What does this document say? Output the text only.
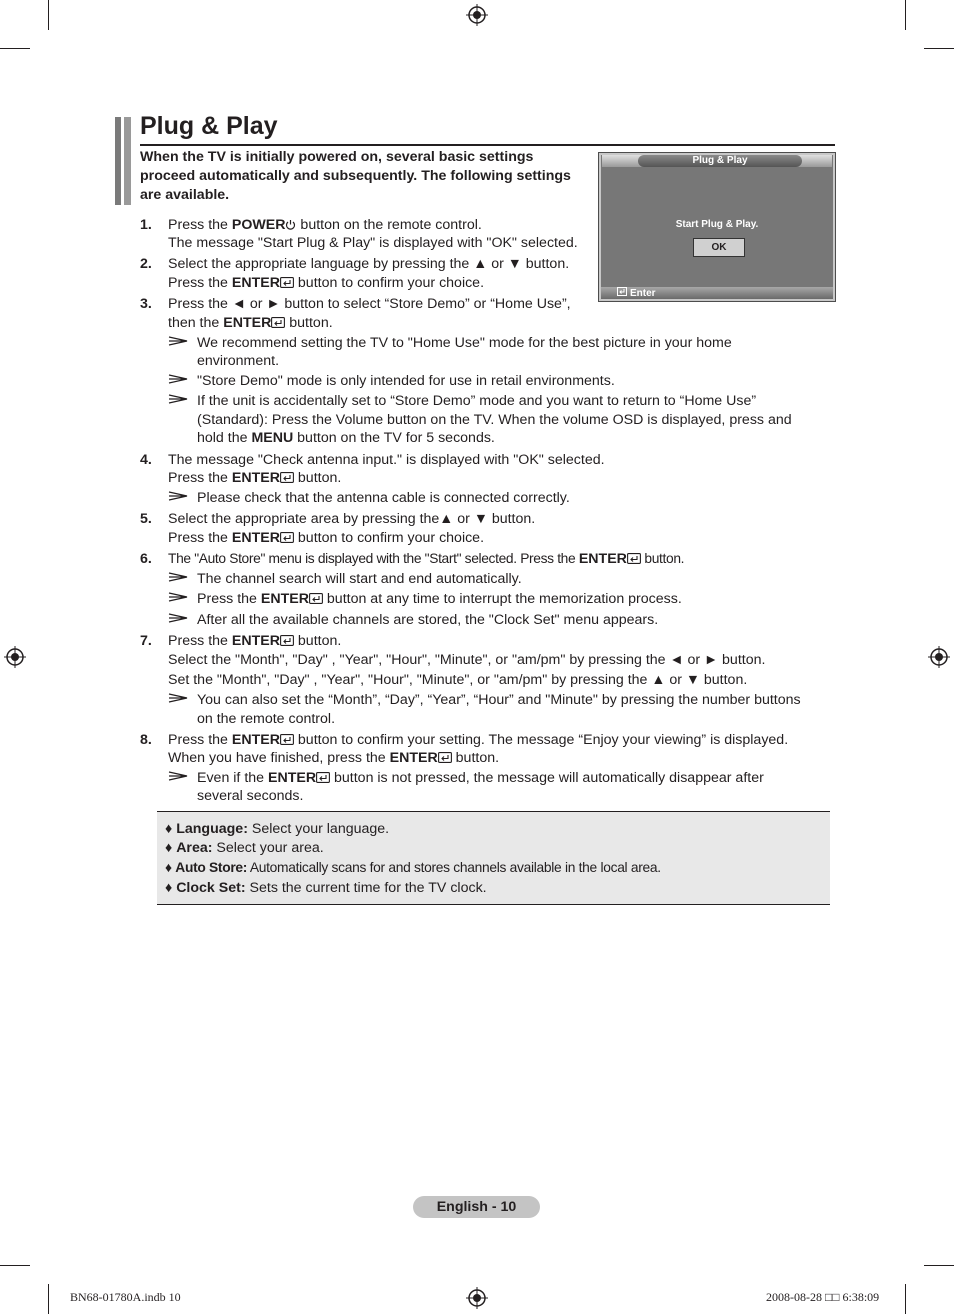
Plug & Play
When the TV is initially powered on, several basic settings proceed automatically and subsequently. The following settings are available.
Plug & Play
Start Plug & Play.
OK
Enter
1. Press the POWER button on the remote control.
The message "Start Plug & Play" is displayed with "OK" selected.
2. Select the appropriate language by pressing the ▲ or ▼ button.
Press the ENTER button to confirm your choice.
3. Press the ◄ or ► button to select “Store Demo” or “Home Use”,
then the ENTER button.
We recommend setting the TV to "Home Use" mode for the best picture in your home
environment.
"Store Demo" mode is only intended for use in retail environments.
If the unit is accidentally set to “Store Demo” mode and you want to return to “Home Use”
(Standard): Press the Volume button on the TV. When the volume OSD is displayed, press and
hold the MENU button on the TV for 5 seconds.
4. The message "Check antenna input." is displayed with "OK" selected.
Press the ENTER button.
Please check that the antenna cable is connected correctly.
5. Select the appropriate area by pressing the▲ or ▼ button.
Press the ENTER button to confirm your choice.
6. The "Auto Store" menu is displayed with the "Start" selected. Press the ENTER button.
The channel search will start and end automatically.
Press the ENTER button at any time to interrupt the memorization process.
After all the available channels are stored, the "Clock Set" menu appears.
7. Press the ENTER button.
Select the "Month", "Day" , "Year", "Hour", "Minute", or "am/pm" by pressing the ◄ or ► button.
Set the "Month", "Day" , "Year", "Hour", "Minute", or "am/pm" by pressing the ▲ or ▼ button.
You can also set the “Month”, “Day”, “Year”, “Hour” and "Minute" by pressing the number buttons
on the remote control.
8. Press the ENTER button to confirm your setting. The message “Enjoy your viewing” is displayed.
When you have finished, press the ENTER button.
Even if the ENTER button is not pressed, the message will automatically disappear after
several seconds.
♦ Language: Select your language.
♦ Area: Select your area.
♦ Auto Store: Automatically scans for and stores channels available in the local area.
♦ Clock Set: Sets the current time for the TV clock.
English - 10
BN68-01780A.indb 10	2008-08-28 □□ 6:38:09
